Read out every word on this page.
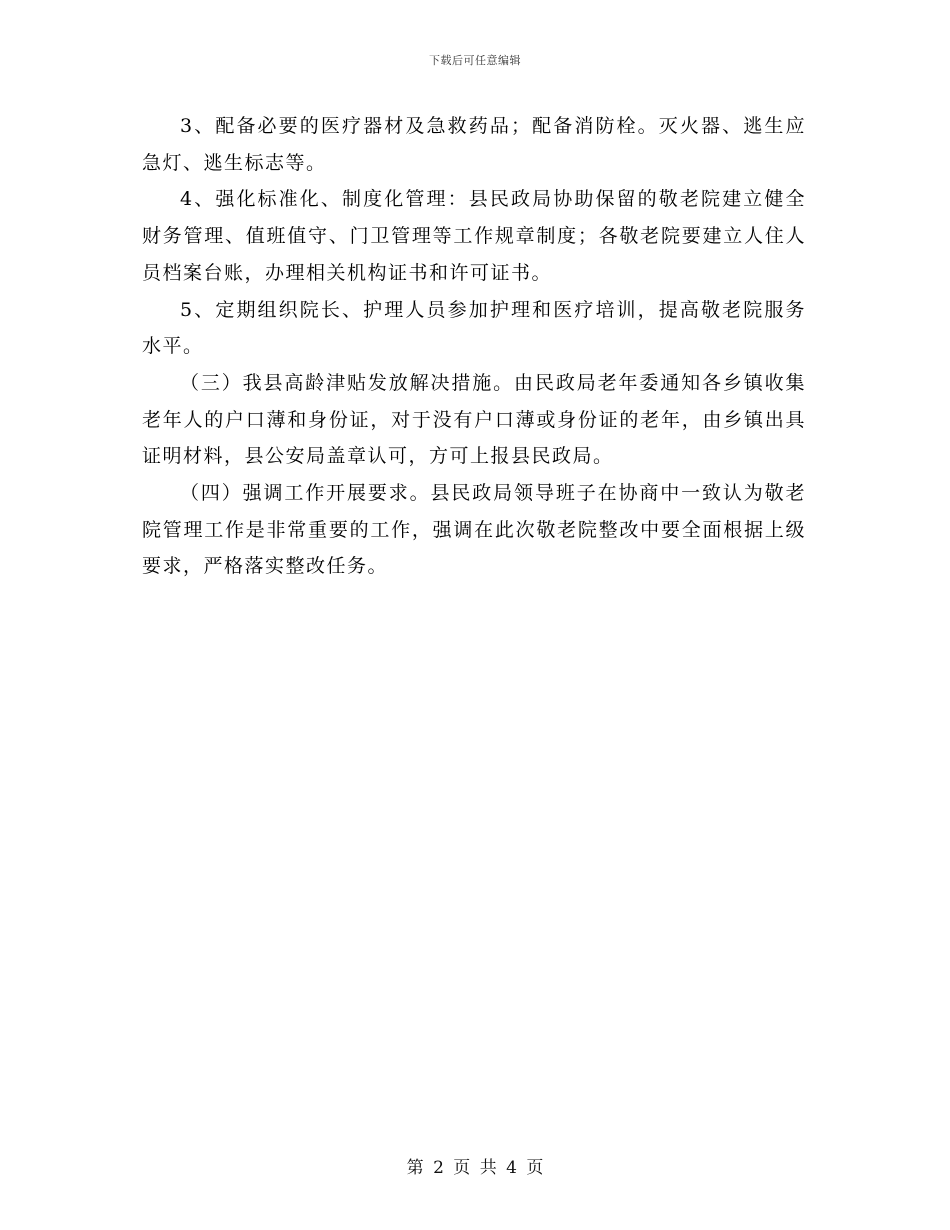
下载后可任意编辑

3、配备必要的医疗器材及急救药品；配备消防栓。灭火器、逃生应急灯、逃生标志等。

4、强化标准化、制度化管理：县民政局协助保留的敬老院建立健全财务管理、值班值守、门卫管理等工作规章制度；各敬老院要建立人住人员档案台账，办理相关机构证书和许可证书。

5、定期组织院长、护理人员参加护理和医疗培训，提高敬老院服务水平。

（三）我县高龄津贴发放解决措施。由民政局老年委通知各乡镇收集老年人的户口薄和身份证，对于没有户口薄或身份证的老年，由乡镇出具证明材料，县公安局盖章认可，方可上报县民政局。

（四）强调工作开展要求。县民政局领导班子在协商中一致认为敬老院管理工作是非常重要的工作，强调在此次敬老院整改中要全面根据上级要求，严格落实整改任务。

第 2 页 共 4 页
